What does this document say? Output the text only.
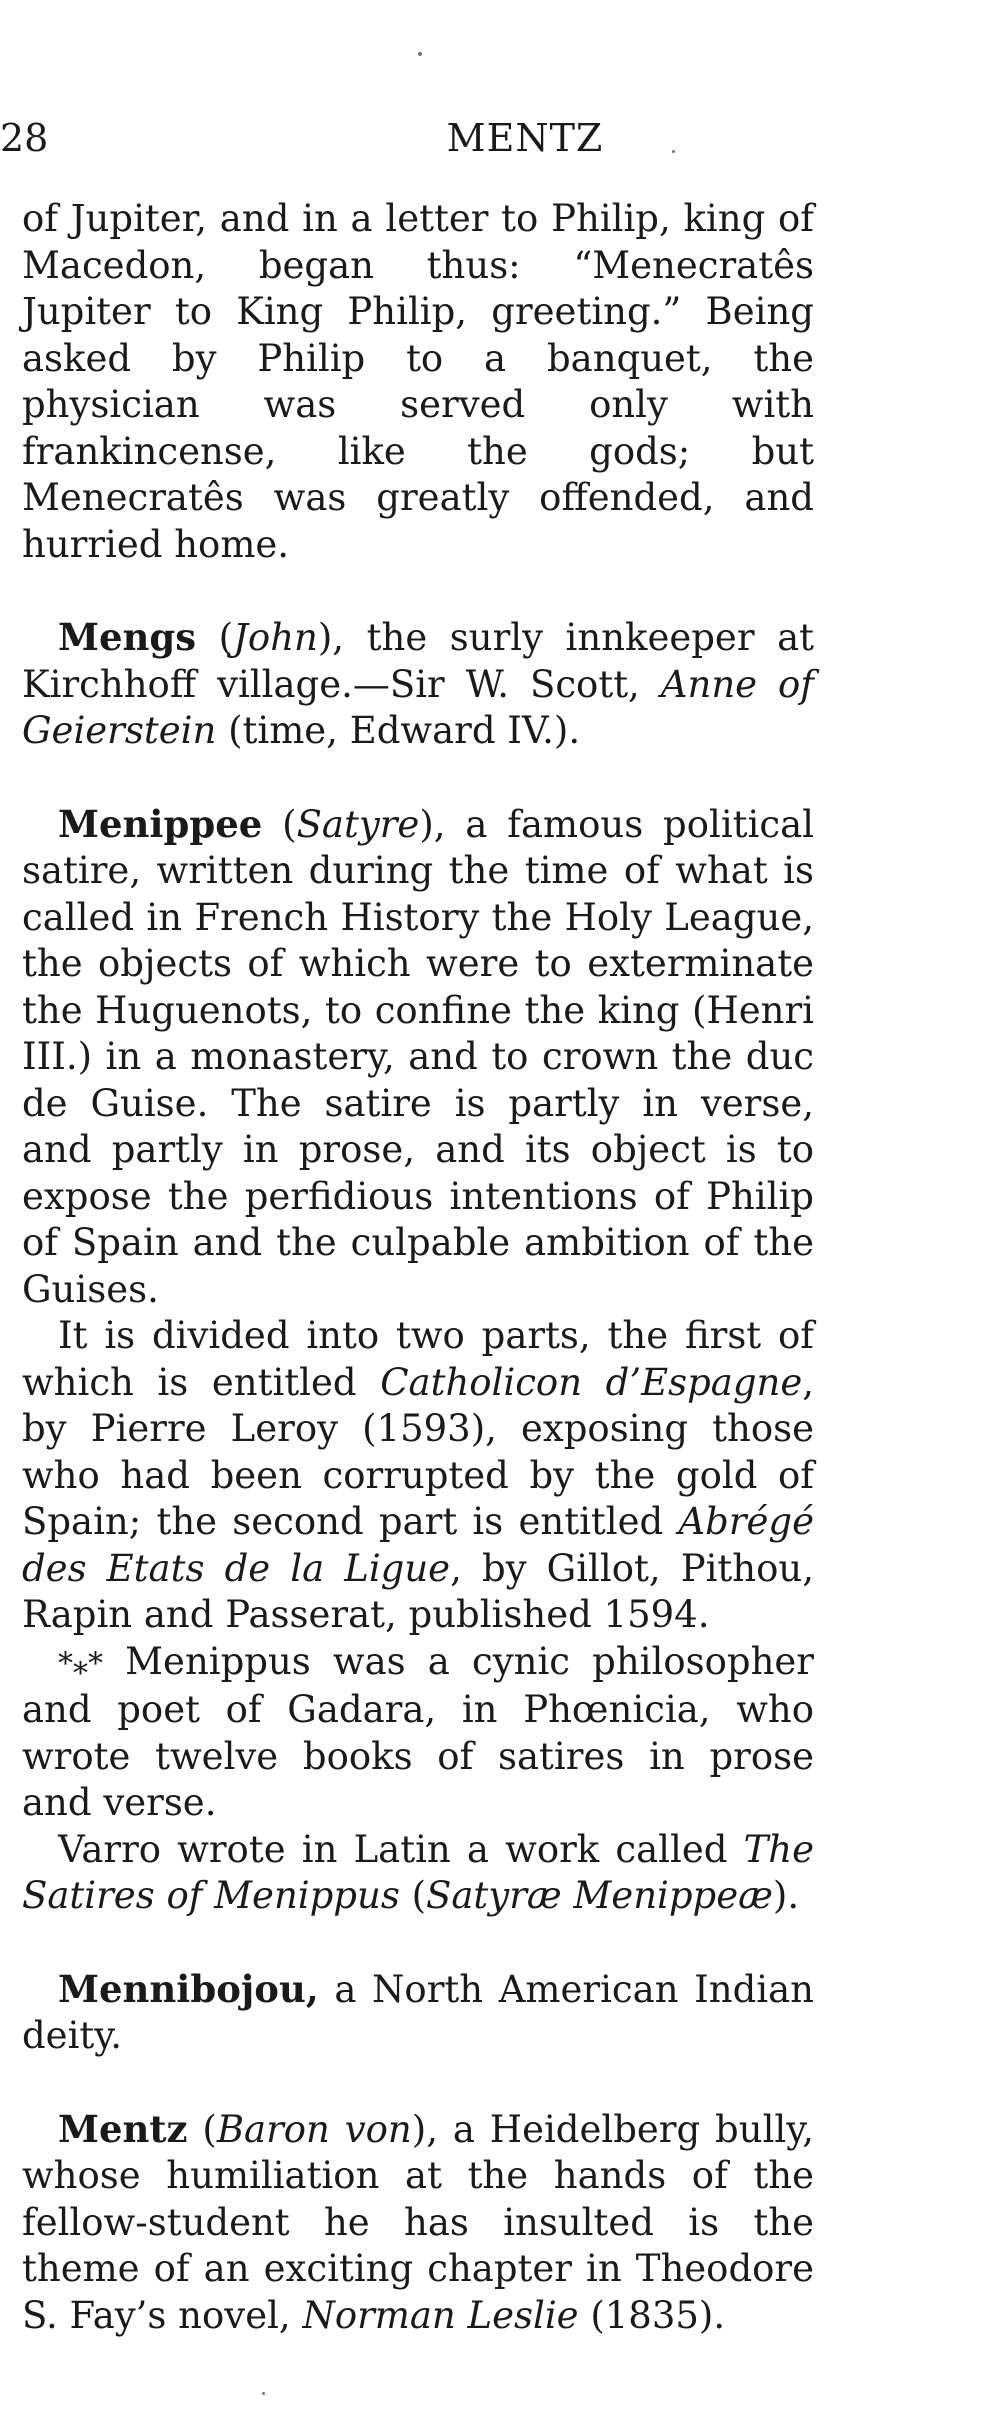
28	MENTZ

of Jupiter, and in a letter to Philip, king of Macedon, began thus: “Menecratês Jupiter to King Philip, greeting.” Being asked by Philip to a banquet, the physician was served only with frankincense, like the gods; but Menecratês was greatly offended, and hurried home.

Mengs (John), the surly innkeeper at Kirchhoff village.—Sir W. Scott, Anne of Geierstein (time, Edward IV.).

Menippee (Satyre), a famous political satire, written during the time of what is called in French History the Holy League, the objects of which were to exterminate the Huguenots, to confine the king (Henri III.) in a monastery, and to crown the duc de Guise. The satire is partly in verse, and partly in prose, and its object is to expose the perfidious intentions of Philip of Spain and the culpable ambition of the Guises.

It is divided into two parts, the first of which is entitled Catholicon d’Espagne, by Pierre Leroy (1593), exposing those who had been corrupted by the gold of Spain; the second part is entitled Abrégé des Etats de la Ligue, by Gillot, Pithou, Rapin and Passerat, published 1594.

*⁎* Menippus was a cynic philosopher and poet of Gadara, in Phœnicia, who wrote twelve books of satires in prose and verse.

Varro wrote in Latin a work called The Satires of Menippus (Satyræ Menippeæ).

Mennibojou, a North American Indian deity.

Mentz (Baron von), a Heidelberg bully, whose humiliation at the hands of the fellow-student he has insulted is the theme of an exciting chapter in Theodore S. Fay’s novel, Norman Leslie (1835).
